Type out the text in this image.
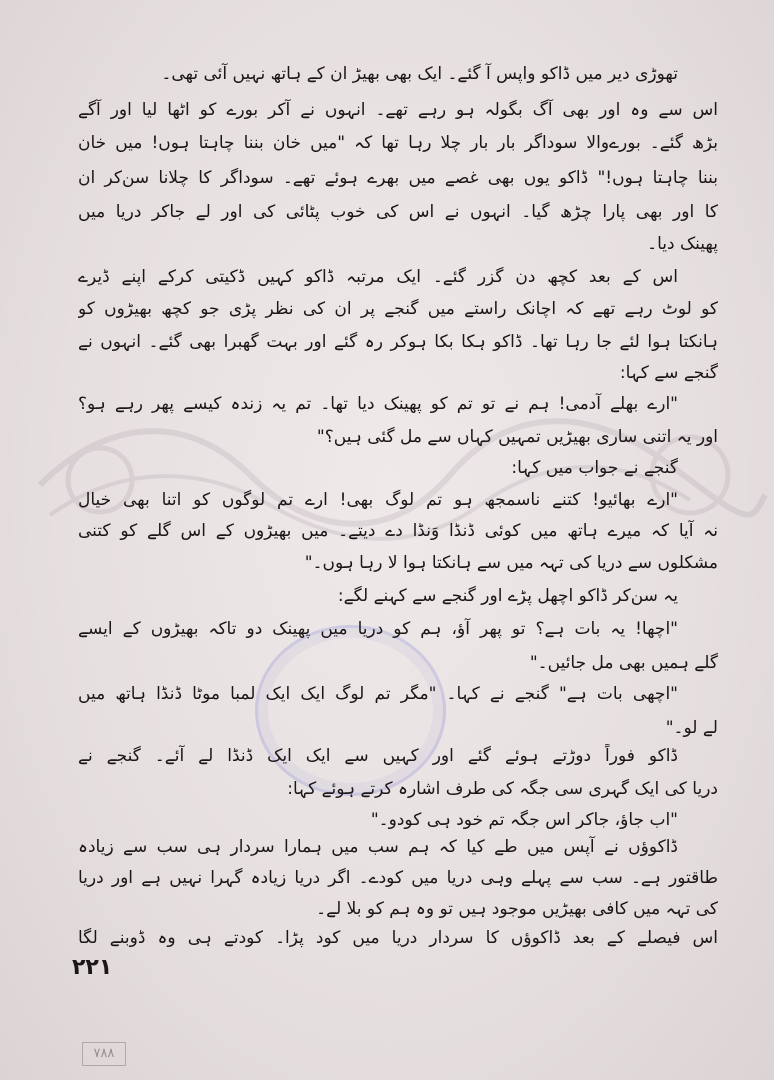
تھوڑی دیر میں ڈاکو واپس آ گئے۔ ایک بھی بھیڑ ان کے ہاتھ نہیں آئی تھی۔
اس سے وہ اور بھی آگ بگولہ ہو رہے تھے۔ انہوں نے آکر بورے کو اٹھا لیا اور آگے
بڑھ گئے۔ بورےوالا سوداگر بار بار چلا رہا تھا کہ "میں خان بننا چاہتا ہوں! میں خان
بننا چاہتا ہوں!" ڈاکو یوں بھی غصے میں بھرے ہوئے تھے۔ سوداگر کا چلانا سن‌کر ان
کا اور بھی پارا چڑھ گیا۔ انہوں نے اس کی خوب پٹائی کی اور لے جاکر دریا میں
پھینک دیا۔
اس کے بعد کچھ دن گزر گئے۔ ایک مرتبہ ڈاکو کہیں ڈکیتی کرکے اپنے ڈیرے
کو لوٹ رہے تھے کہ اچانک راستے میں گنجے پر ان کی نظر پڑی جو کچھ بھیڑوں کو
ہانکتا ہوا لئے جا رہا تھا۔ ڈاکو ہکا بکا ہوکر رہ گئے اور بہت گھبرا بھی گئے۔ انہوں نے
گنجے سے کہا:
"ارے بھلے آدمی! ہم نے تو تم کو پھینک دیا تھا۔ تم یہ زندہ کیسے پھر رہے ہو؟
اور یہ اتنی ساری بھیڑیں تمہیں کہاں سے مل گئی ہیں؟"
گنجے نے جواب میں کہا:
"ارے بھائیو! کتنے ناسمجھ ہو تم لوگ بھی! ارے تم لوگوں کو اتنا بھی خیال
نہ آیا کہ میرے ہاتھ میں کوئی ڈنڈا وَنڈا دے دیتے۔ میں بھیڑوں کے اس گلے کو کتنی
مشکلوں سے دریا کی تہہ میں سے ہانکتا ہوا لا رہا ہوں۔"
یہ سن‌کر ڈاکو اچھل پڑے اور گنجے سے کہنے لگے:
"اچھا! یہ بات ہے؟ تو پھر آؤ، ہم کو دریا میں پھینک دو تاکہ بھیڑوں کے ایسے
گلے ہمیں بھی مل جائیں۔"
"اچھی بات ہے" گنجے نے کہا۔ "مگر تم لوگ ایک ایک لمبا موٹا ڈنڈا ہاتھ میں
لے لو۔"
ڈاکو فوراً دوڑتے ہوئے گئے اور کہیں سے ایک ایک ڈنڈا لے آئے۔ گنجے نے
دریا کی ایک گہری سی جگہ کی طرف اشارہ کرتے ہوئے کہا:
"اب جاؤ، جاکر اس جگہ تم خود ہی کودو۔"
ڈاکوؤں نے آپس میں طے کیا کہ ہم سب میں ہمارا سردار ہی سب سے زیادہ
طاقتور ہے۔ سب سے پہلے وہی دریا میں کودے۔ اگر دریا زیادہ گہرا نہیں ہے اور دریا
کی تہہ میں کافی بھیڑیں موجود ہیں تو وہ ہم کو بلا لے۔
اس فیصلے کے بعد ڈاکوؤں کا سردار دریا میں کود پڑا۔ کودتے ہی وہ ڈوبنے لگا
۲۲۱
۷۸۸
